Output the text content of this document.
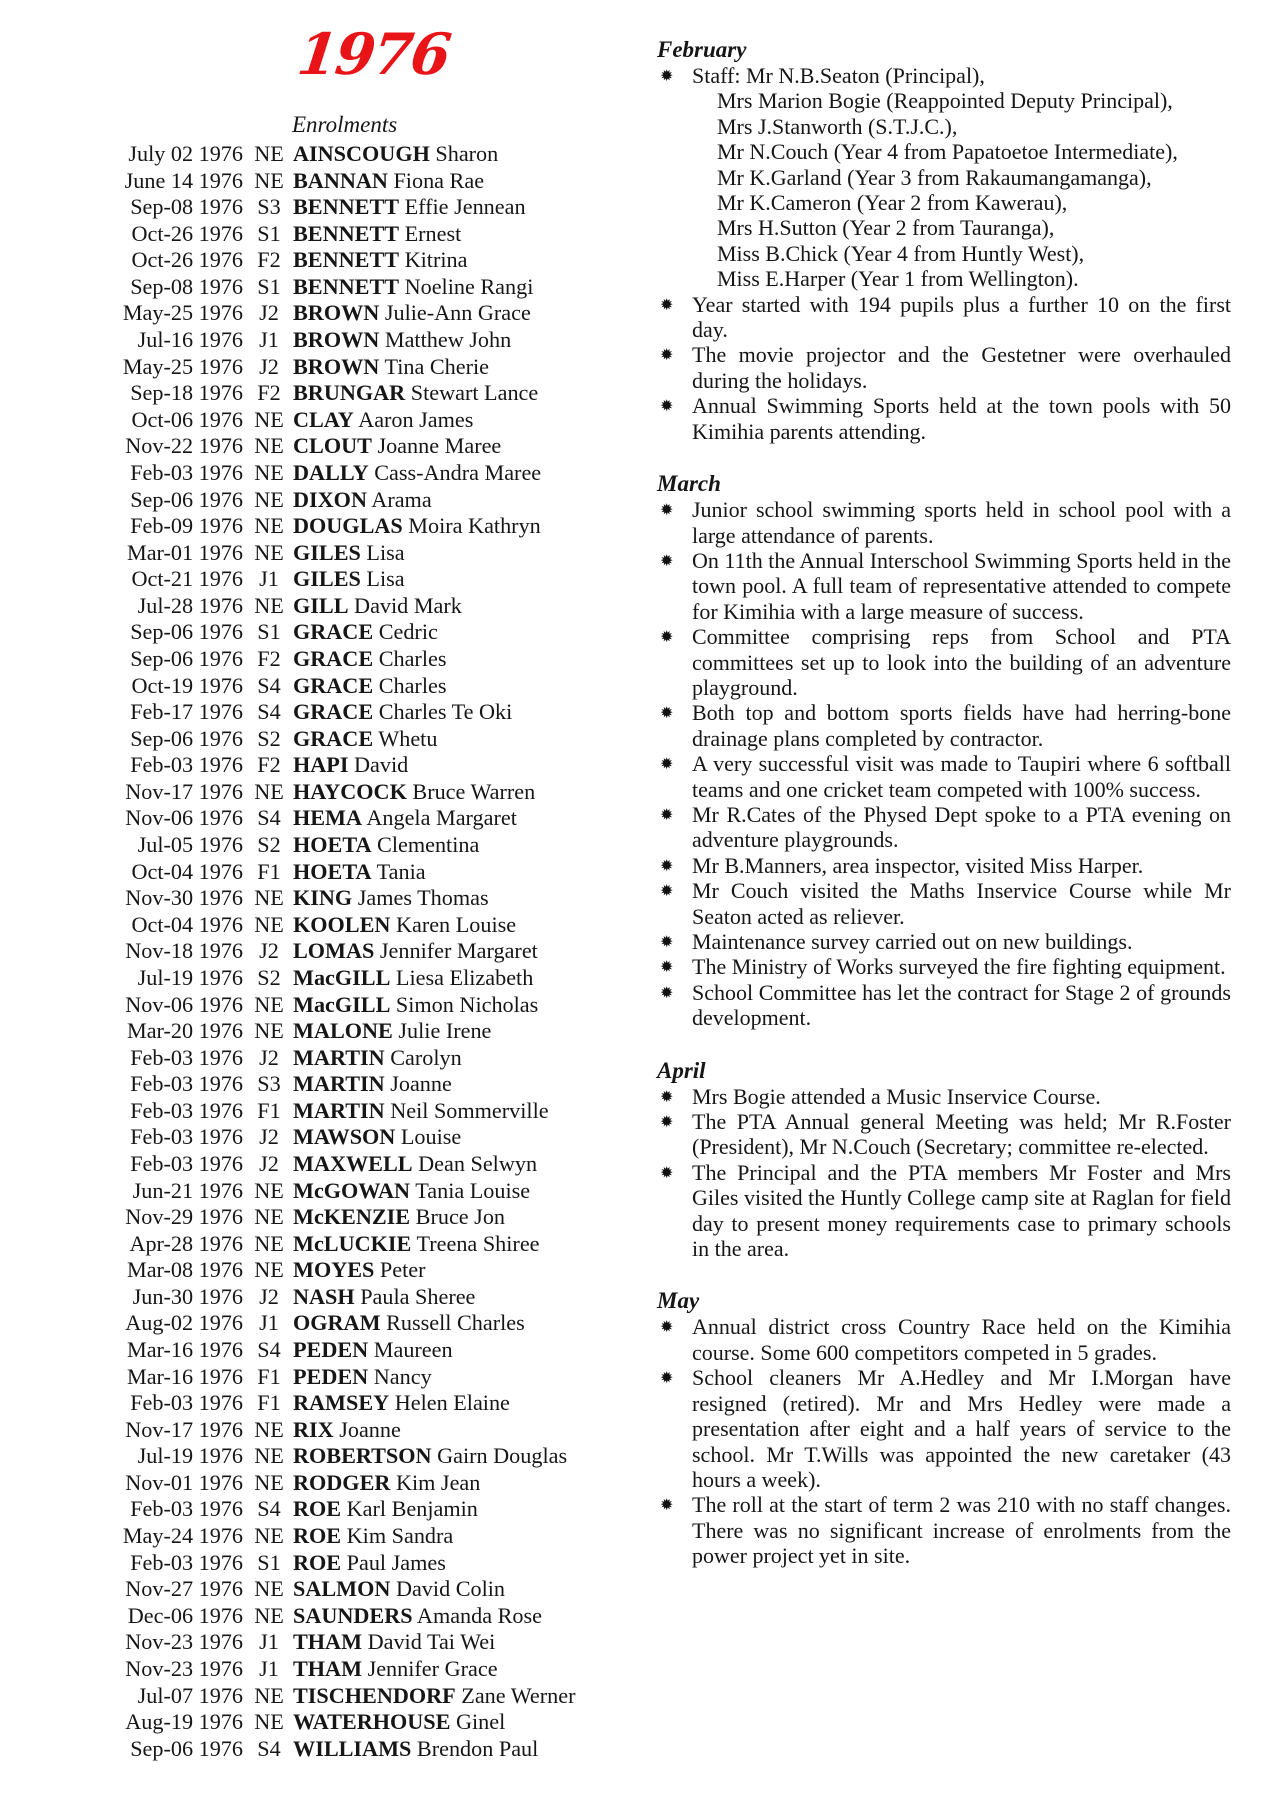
1976
Enrolments
July 02 1976 NE AINSCOUGH Sharon
June 14 1976 NE BANNAN Fiona Rae
Sep-08 1976 S3 BENNETT Effie Jennean
Oct-26 1976 S1 BENNETT Ernest
Oct-26 1976 F2 BENNETT Kitrina
Sep-08 1976 S1 BENNETT Noeline Rangi
May-25 1976 J2 BROWN Julie-Ann Grace
Jul-16 1976 J1 BROWN Matthew John
May-25 1976 J2 BROWN Tina Cherie
Sep-18 1976 F2 BRUNGAR Stewart Lance
Oct-06 1976 NE CLAY Aaron James
Nov-22 1976 NE CLOUT Joanne Maree
Feb-03 1976 NE DALLY Cass-Andra Maree
Sep-06 1976 NE DIXON Arama
Feb-09 1976 NE DOUGLAS Moira Kathryn
Mar-01 1976 NE GILES Lisa
Oct-21 1976 J1 GILES Lisa
Jul-28 1976 NE GILL David Mark
Sep-06 1976 S1 GRACE Cedric
Sep-06 1976 F2 GRACE Charles
Oct-19 1976 S4 GRACE Charles
Feb-17 1976 S4 GRACE Charles Te Oki
Sep-06 1976 S2 GRACE Whetu
Feb-03 1976 F2 HAPI David
Nov-17 1976 NE HAYCOCK Bruce Warren
Nov-06 1976 S4 HEMA Angela Margaret
Jul-05 1976 S2 HOETA Clementina
Oct-04 1976 F1 HOETA Tania
Nov-30 1976 NE KING James Thomas
Oct-04 1976 NE KOOLEN Karen Louise
Nov-18 1976 J2 LOMAS Jennifer Margaret
Jul-19 1976 S2 MacGILL Liesa Elizabeth
Nov-06 1976 NE MacGILL Simon Nicholas
Mar-20 1976 NE MALONE Julie Irene
Feb-03 1976 J2 MARTIN Carolyn
Feb-03 1976 S3 MARTIN Joanne
Feb-03 1976 F1 MARTIN Neil Sommerville
Feb-03 1976 J2 MAWSON Louise
Feb-03 1976 J2 MAXWELL Dean Selwyn
Jun-21 1976 NE McGOWAN Tania Louise
Nov-29 1976 NE McKENZIE Bruce Jon
Apr-28 1976 NE McLUCKIE Treena Shiree
Mar-08 1976 NE MOYES Peter
Jun-30 1976 J2 NASH Paula Sheree
Aug-02 1976 J1 OGRAM Russell Charles
Mar-16 1976 S4 PEDEN Maureen
Mar-16 1976 F1 PEDEN Nancy
Feb-03 1976 F1 RAMSEY Helen Elaine
Nov-17 1976 NE RIX Joanne
Jul-19 1976 NE ROBERTSON Gairn Douglas
Nov-01 1976 NE RODGER Kim Jean
Feb-03 1976 S4 ROE Karl Benjamin
May-24 1976 NE ROE Kim Sandra
Feb-03 1976 S1 ROE Paul James
Nov-27 1976 NE SALMON David Colin
Dec-06 1976 NE SAUNDERS Amanda Rose
Nov-23 1976 J1 THAM David Tai Wei
Nov-23 1976 J1 THAM Jennifer Grace
Jul-07 1976 NE TISCHENDORF Zane Werner
Aug-19 1976 NE WATERHOUSE Ginel
Sep-06 1976 S4 WILLIAMS Brendon Paul
February
✹ Staff: Mr N.B.Seaton (Principal),
Mrs Marion Bogie (Reappointed Deputy Principal),
Mrs J.Stanworth (S.T.J.C.),
Mr N.Couch (Year 4 from Papatoetoe Intermediate),
Mr K.Garland (Year 3 from Rakaumangamanga),
Mr K.Cameron (Year 2 from Kawerau),
Mrs H.Sutton (Year 2 from Tauranga),
Miss B.Chick (Year 4 from Huntly West),
Miss E.Harper (Year 1 from Wellington).
✹ Year started with 194 pupils plus a further 10 on the first day.
✹ The movie projector and the Gestetner were overhauled during the holidays.
✹ Annual Swimming Sports held at the town pools with 50 Kimihia parents attending.
March
✹ Junior school swimming sports held in school pool with a large attendance of parents.
✹ On 11th the Annual Interschool Swimming Sports held in the town pool. A full team of representative attended to compete for Kimihia with a large measure of success.
✹ Committee comprising reps from School and PTA committees set up to look into the building of an adventure playground.
✹ Both top and bottom sports fields have had herring-bone drainage plans completed by contractor.
✹ A very successful visit was made to Taupiri where 6 softball teams and one cricket team competed with 100% success.
✹ Mr R.Cates of the Physed Dept spoke to a PTA evening on adventure playgrounds.
✹ Mr B.Manners, area inspector, visited Miss Harper.
✹ Mr Couch visited the Maths Inservice Course while Mr Seaton acted as reliever.
✹ Maintenance survey carried out on new buildings.
✹ The Ministry of Works surveyed the fire fighting equipment.
✹ School Committee has let the contract for Stage 2 of grounds development.
April
✹ Mrs Bogie attended a Music Inservice Course.
✹ The PTA Annual general Meeting was held; Mr R.Foster (President), Mr N.Couch (Secretary; committee re-elected.
✹ The Principal and the PTA members Mr Foster and Mrs Giles visited the Huntly College camp site at Raglan for field day to present money requirements case to primary schools in the area.
May
✹ Annual district cross Country Race held on the Kimihia course. Some 600 competitors competed in 5 grades.
✹ School cleaners Mr A.Hedley and Mr I.Morgan have resigned (retired). Mr and Mrs Hedley were made a presentation after eight and a half years of service to the school. Mr T.Wills was appointed the new caretaker (43 hours a week).
✹ The roll at the start of term 2 was 210 with no staff changes. There was no significant increase of enrolments from the power project yet in site.
